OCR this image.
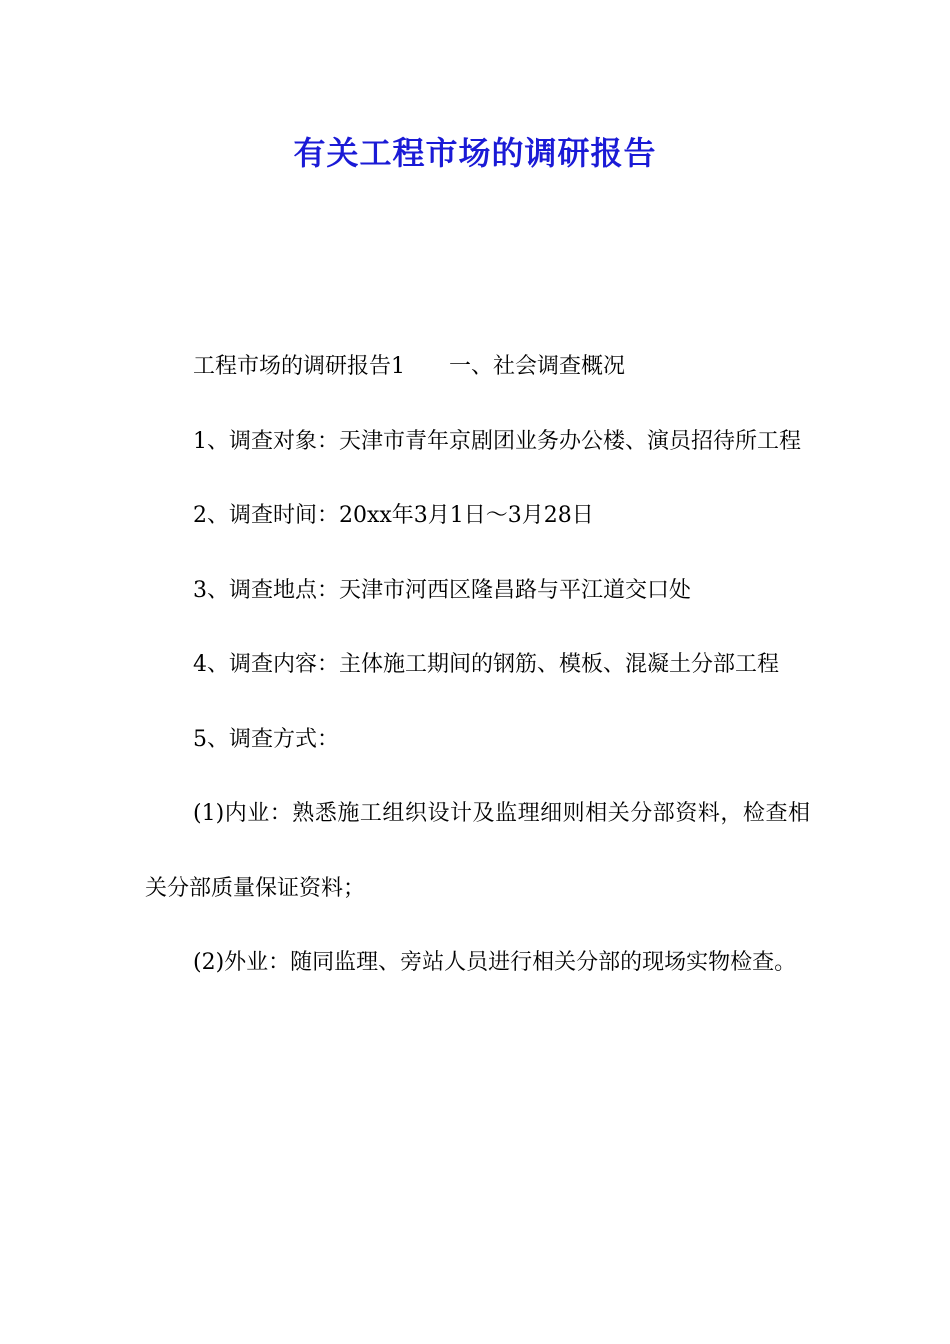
有关工程市场的调研报告

工程市场的调研报告1　　一、社会调查概况

1、调查对象：天津市青年京剧团业务办公楼、演员招待所工程

2、调查时间：20xx年3月1日～3月28日

3、调查地点：天津市河西区隆昌路与平江道交口处

4、调查内容：主体施工期间的钢筋、模板、混凝土分部工程

5、调查方式：

(1)内业：熟悉施工组织设计及监理细则相关分部资料，检查相关分部质量保证资料；

(2)外业：随同监理、旁站人员进行相关分部的现场实物检查。
